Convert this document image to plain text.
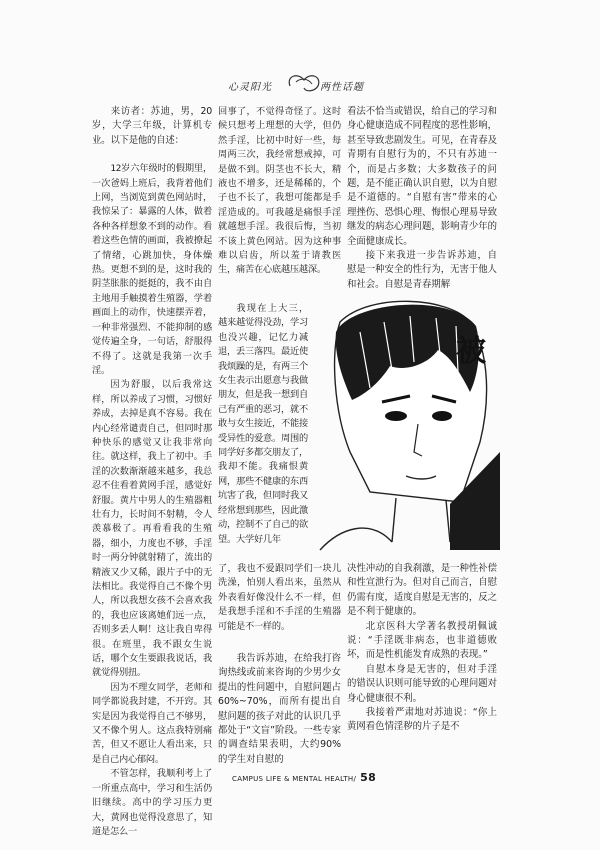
心灵阳光	两性话题

来访者：苏迪，男，20岁，大学三年级，计算机专业。以下是他的自述：

12岁六年级时的假期里，一次爸妈上班后，我背着他们上网，当浏览到黄色网站时，我惊呆了：暴露的人体，做着各种各样想象不到的动作。看着这些色情的画面，我被撩起了情绪，心跳加快，身体燥热。更想不到的是，这时我的阴茎胀胀的挺挺的，我不由自主地用手触摸着生殖器，学着画面上的动作，快速摆弄着，一种非常强烈、不能抑制的感觉传遍全身，一句话，舒服得不得了。这就是我第一次手淫。

因为舒服，以后我常这样，所以养成了习惯，习惯好养成，去掉是真不容易。我在内心经常谴责自己，但同时那种快乐的感觉又让我非常向往。就这样，我上了初中。手淫的次数渐渐越来越多，我总忍不住看着黄网手淫，感觉好舒服。黄片中男人的生殖器粗壮有力，长时间不射精，令人羡慕极了。再看看我的生殖器，细小，力度也不够，手淫时一两分钟就射精了，流出的精液又少又稀，跟片子中的无法相比。我觉得自己不像个男人，所以我想女孩不会喜欢我的，我也应该离她们远一点，否则多丢人啊！这让我自卑得很。在班里，我不跟女生说话，哪个女生要跟我说话，我就觉得别扭。

因为不理女同学，老师和同学都说我封建，不开窍。其实是因为我觉得自己不够男，又不像个男人。这点我特别痛苦，但又不愿让人看出来，只是自己内心郁闷。

不管怎样，我顺利考上了一所重点高中，学习和生活仍旧继续。高中的学习压力更大，黄网也觉得没意思了，知道是怎么一

回事了，不觉得奇怪了。这时候只想考上理想的大学，但仍然手淫，比初中时好一些，每周两三次，我经常想戒掉，可是做不到。阴茎也不长大，精液也不增多，还是稀稀的，个子也不长了，我想可能都是手淫造成的。可我越是痛恨手淫就越想手淫。我很后悔，当初不该上黄色网站。因为这种事难以启齿，所以羞于请教医生，痛苦在心底越压越深。

我现在上大三，越来越觉得没劲，学习也没兴趣，记忆力减退，丢三落四。最近使我烦躁的是，有两三个女生表示出愿意与我做朋友，但是我一想到自己有严重的恶习，就不敢与女生接近，不能接受异性的爱意。周围的同学好多都交朋友了，我却不能。我痛恨黄网，那些不健康的东西坑害了我，但同时我又经常想到那些，因此激动，控制不了自己的欲望。大学好几年

了，我也不爱跟同学们一块儿洗澡，怕别人看出来，虽然从外表看好像没什么不一样，但是我想手淫和不手淫的生殖器可能是不一样的。

我告诉苏迪，在给我打咨询热线或前来咨询的少男少女提出的性问题中，自慰问题占60%~70%，而所有提出自慰问题的孩子对此的认识几乎都处于“文盲”阶段。一些专家的调查结果表明，大约90%的学生对自慰的

看法不恰当或错误，给自己的学习和身心健康造成不同程度的恶性影响，甚至导致悲剧发生。可见，在青春及青期有自慰行为的，不只有苏迪一个，而是占多数；大多数孩子的问题，是不能正确认识自慰，以为自慰是不道德的。“自慰有害”带来的心理挫伤、恐惧心理、悔恨心理易导致继发的病态心理问题，影响青少年的全面健康成长。

接下来我进一步告诉苏迪，自慰是一种安全的性行为，无害于他人和社会。自慰是青春期解

被

决性冲动的自我刹激，是一种性补偿和性宣泄行为。但对自己而言，自慰仍需有度，适度自慰是无害的，反之是不利于健康的。

北京医科大学著名教授胡佩诚说：“手淫既非病态，也非道德败坏，而是性机能发育成熟的表现。”

自慰本身是无害的，但对手淫的错误认识则可能导致的心理问题对身心健康很不利。

我接着严肃地对苏迪说：“你上黄网看色情淫秽的片子是不

CAMPUS LIFE & MENTAL HEALTH/ 58
